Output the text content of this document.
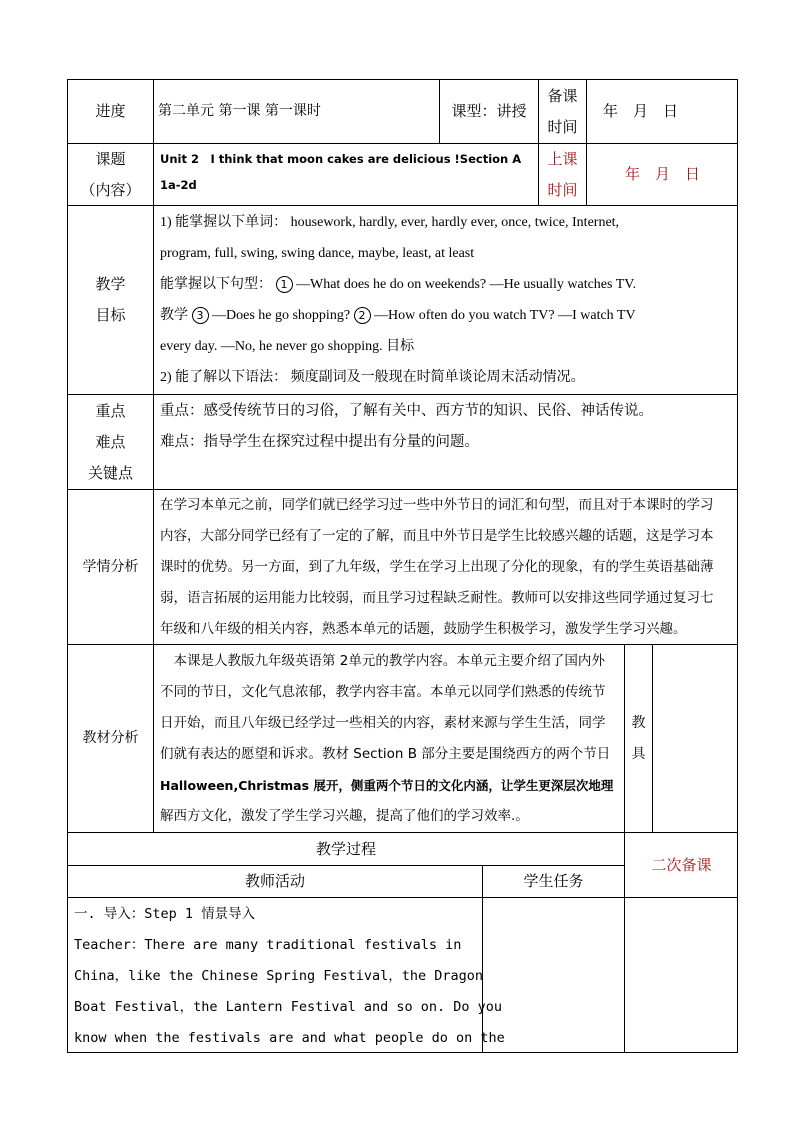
进度 第二单元 第一课 第一课时	课型：讲授
备课
时间
年　月　日
课题
（内容）
Unit 2　I think that moon cakes are delicious !Section A 1a-2d
上课
时间
年　月　日
教学
目标
1) 能掌握以下单词： housework, hardly, ever, hardly ever, once, twice, Internet,
program, full, swing, swing dance, maybe, least, at least
能掌握以下句型： 1 —What does he do on weekends? —He usually watches TV.
教学 3 —Does he go shopping? 2 —How often do you watch TV? —I watch TV
every day. —No, he never go shopping. 目标
2) 能了解以下语法： 频度副词及一般现在时简单谈论周末活动情况。
重点
难点
关键点
重点：感受传统节日的习俗，了解有关中、西方节的知识、民俗、神话传说。
难点：指导学生在探究过程中提出有分量的问题。
学情分析
在学习本单元之前，同学们就已经学习过一些中外节日的词汇和句型，而且对于本课时的学习
内容，大部分同学已经有了一定的了解，而且中外节日是学生比较感兴趣的话题，这是学习本
课时的优势。另一方面，到了九年级，学生在学习上出现了分化的现象，有的学生英语基础薄
弱，语言拓展的运用能力比较弱，而且学习过程缺乏耐性。教师可以安排这些同学通过复习七
年级和八年级的相关内容，熟悉本单元的话题，鼓励学生积极学习，激发学生学习兴趣。
教材分析
　本课是人教版九年级英语第 2单元的教学内容。本单元主要介绍了国内外
不同的节日，文化气息浓郁，教学内容丰富。本单元以同学们熟悉的传统节
日开始，而且八年级已经学过一些相关的内容，素材来源与学生生活，同学
们就有表达的愿望和诉求。教材 Section B 部分主要是围绕西方的两个节日
Halloween,Christmas 展开，侧重两个节日的文化内涵，让学生更深层次地理
解西方文化，激发了学生学习兴趣，提高了他们的学习效率.。
教
具
教学过程
二次备课
教师活动	学生任务
一. 导入：Step 1 情景导入
Teacher：There are many traditional festivals in
China，like the Chinese Spring Festival，the Dragon
Boat Festival，the Lantern Festival and so on. Do you
know when the festivals are and what people do on the
